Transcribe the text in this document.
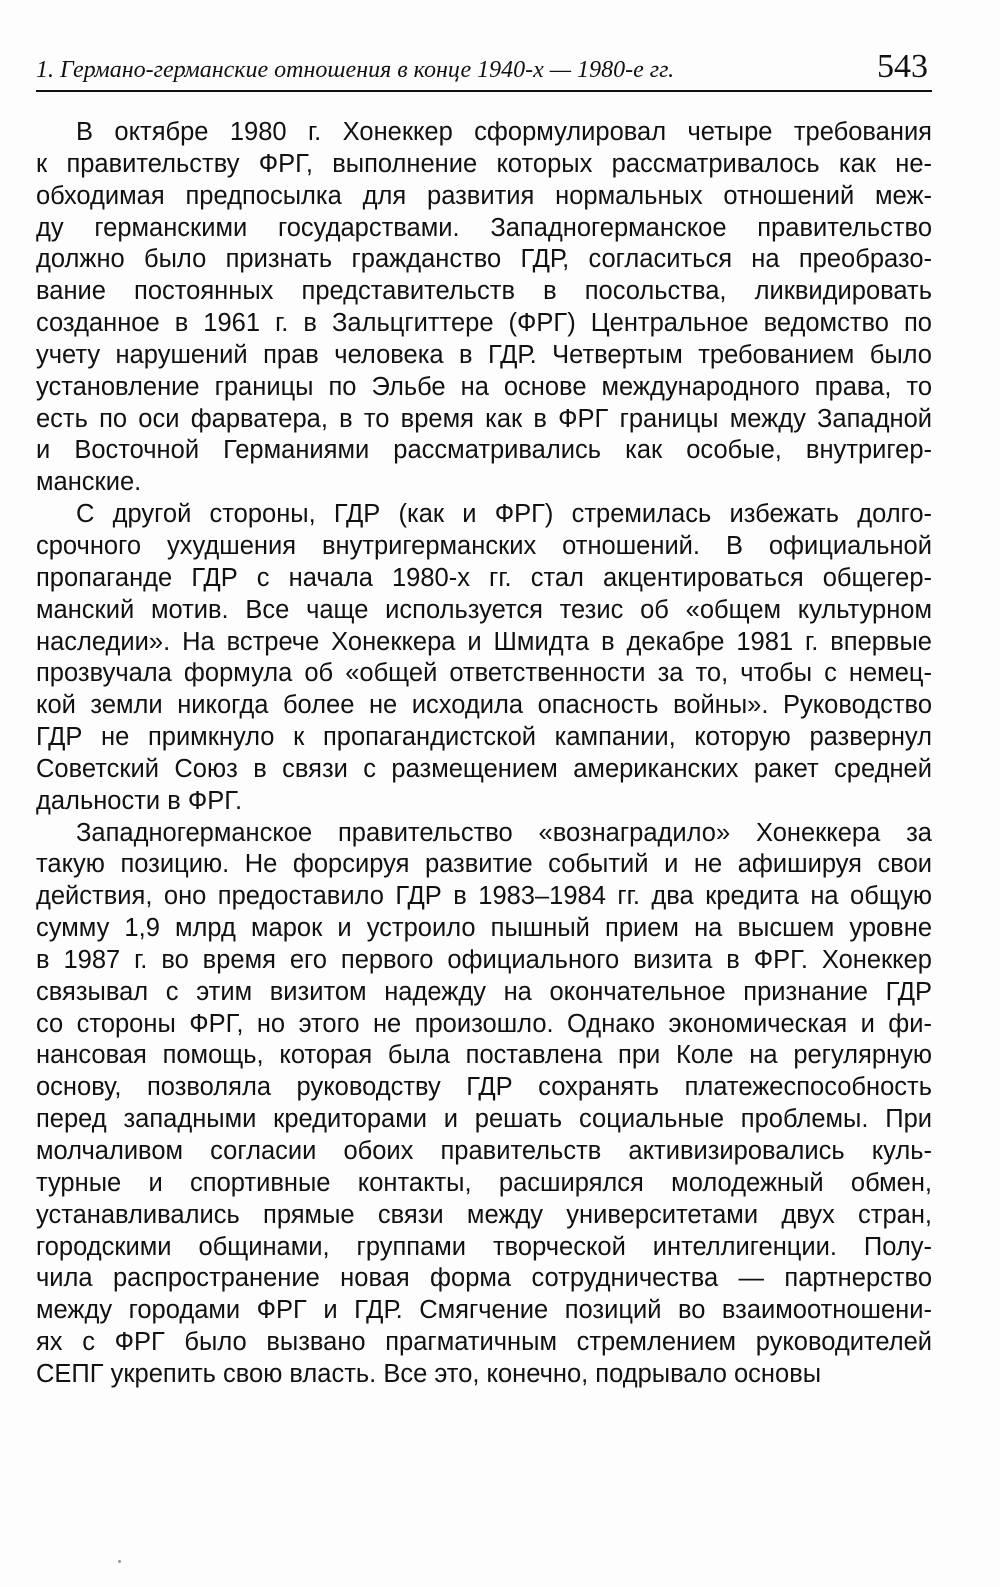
1. Германо-германские отношения в конце 1940-х — 1980-е гг.	543
В октябре 1980 г. Хонеккер сформулировал четыре требования
к правительству ФРГ, выполнение которых рассматривалось как не-
обходимая предпосылка для развития нормальных отношений меж-
ду германскими государствами. Западногерманское правительство
должно было признать гражданство ГДР, согласиться на преобразо-
вание постоянных представительств в посольства, ликвидировать
созданное в 1961 г. в Зальцгиттере (ФРГ) Центральное ведомство по
учету нарушений прав человека в ГДР. Четвертым требованием было
установление границы по Эльбе на основе международного права, то
есть по оси фарватера, в то время как в ФРГ границы между Западной
и Восточной Германиями рассматривались как особые, внутригер-
манские.
С другой стороны, ГДР (как и ФРГ) стремилась избежать долго-
срочного ухудшения внутригерманских отношений. В официальной
пропаганде ГДР с начала 1980-х гг. стал акцентироваться общегер-
манский мотив. Все чаще используется тезис об «общем культурном
наследии». На встрече Хонеккера и Шмидта в декабре 1981 г. впервые
прозвучала формула об «общей ответственности за то, чтобы с немец-
кой земли никогда более не исходила опасность войны». Руководство
ГДР не примкнуло к пропагандистской кампании, которую развернул
Советский Союз в связи с размещением американских ракет средней
дальности в ФРГ.
Западногерманское правительство «вознаградило» Хонеккера за
такую позицию. Не форсируя развитие событий и не афишируя свои
действия, оно предоставило ГДР в 1983–1984 гг. два кредита на общую
сумму 1,9 млрд марок и устроило пышный прием на высшем уровне
в 1987 г. во время его первого официального визита в ФРГ. Хонеккер
связывал с этим визитом надежду на окончательное признание ГДР
со стороны ФРГ, но этого не произошло. Однако экономическая и фи-
нансовая помощь, которая была поставлена при Коле на регулярную
основу, позволяла руководству ГДР сохранять платежеспособность
перед западными кредиторами и решать социальные проблемы. При
молчаливом согласии обоих правительств активизировались куль-
турные и спортивные контакты, расширялся молодежный обмен,
устанавливались прямые связи между университетами двух стран,
городскими общинами, группами творческой интеллигенции. Полу-
чила распространение новая форма сотрудничества — партнерство
между городами ФРГ и ГДР. Смягчение позиций во взаимоотношени-
ях с ФРГ было вызвано прагматичным стремлением руководителей
СЕПГ укрепить свою власть. Все это, конечно, подрывало основы
